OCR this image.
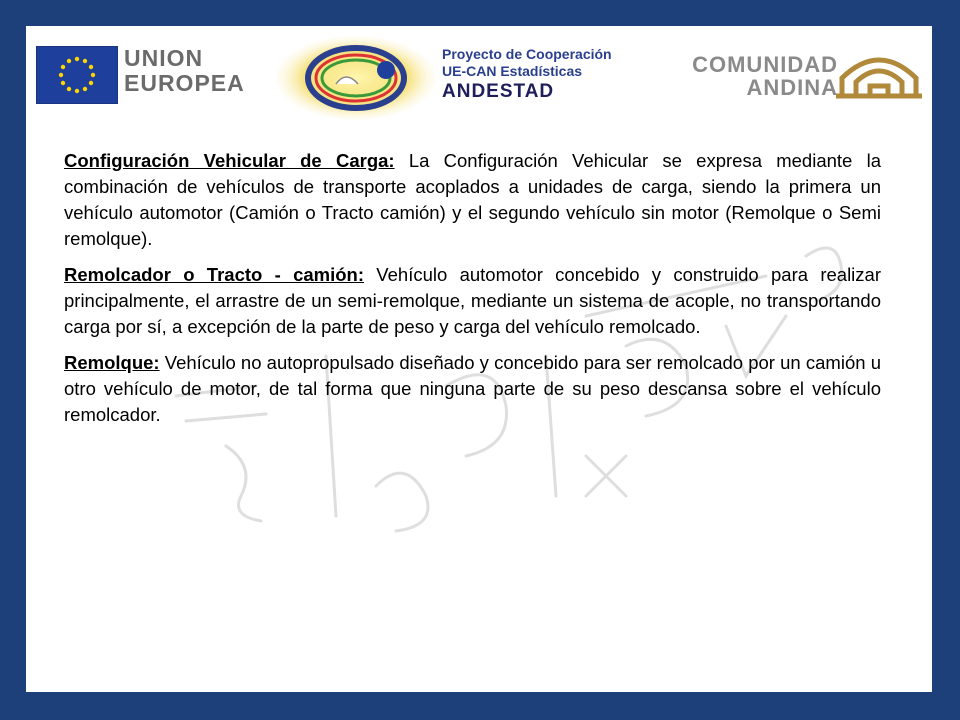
UNION
EUROPEA
Proyecto de Cooperación
UE-CAN Estadísticas
ANDESTAD
COMUNIDAD
ANDINA

Configuración Vehicular de Carga: La Configuración Vehicular se expresa mediante la combinación de vehículos de transporte acoplados a unidades de carga, siendo la primera un vehículo automotor (Camión o Tracto camión) y el segundo vehículo sin motor (Remolque o Semi remolque).

Remolcador o Tracto - camión: Vehículo automotor concebido y construido para realizar principalmente, el arrastre de un semi-remolque, mediante un sistema de acople, no transportando carga por sí, a excepción de la parte de peso y carga del vehículo remolcado.

Remolque: Vehículo no autopropulsado diseñado y concebido para ser remolcado por un camión u otro vehículo de motor, de tal forma que ninguna parte de su peso descansa sobre el vehículo remolcador.
